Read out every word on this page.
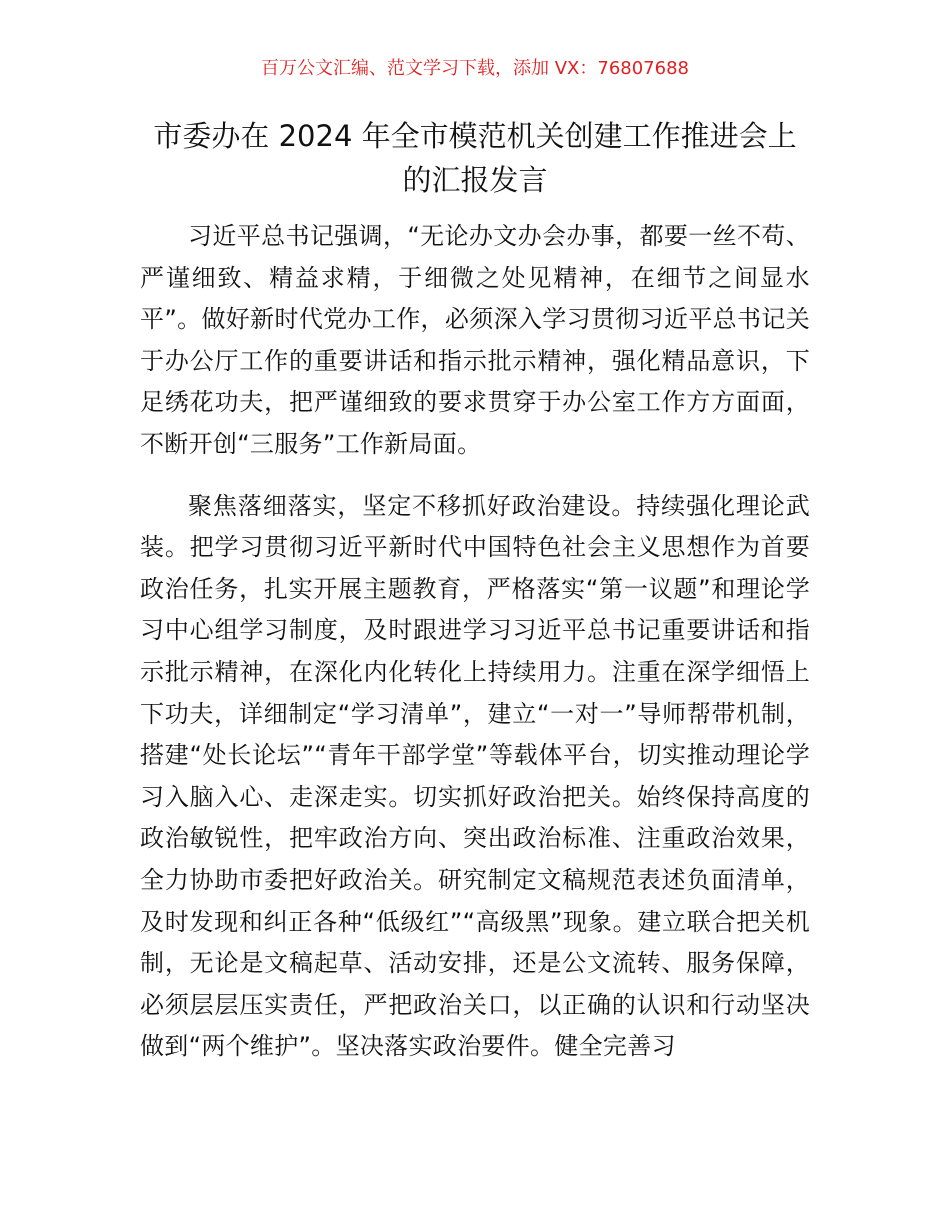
百万公文汇编、范文学习下载，添加 VX：76807688
市委办在 2024 年全市模范机关创建工作推进会上的汇报发言

习近平总书记强调，“无论办文办会办事，都要一丝不苟、严谨细致、精益求精，于细微之处见精神，在细节之间显水平”。做好新时代党办工作，必须深入学习贯彻习近平总书记关于办公厅工作的重要讲话和指示批示精神，强化精品意识，下足绣花功夫，把严谨细致的要求贯穿于办公室工作方方面面，不断开创“三服务”工作新局面。

聚焦落细落实，坚定不移抓好政治建设。持续强化理论武装。把学习贯彻习近平新时代中国特色社会主义思想作为首要政治任务，扎实开展主题教育，严格落实“第一议题”和理论学习中心组学习制度，及时跟进学习习近平总书记重要讲话和指示批示精神，在深化内化转化上持续用力。注重在深学细悟上下功夫，详细制定“学习清单”，建立“一对一”导师帮带机制，搭建“处长论坛”“青年干部学堂”等载体平台，切实推动理论学习入脑入心、走深走实。切实抓好政治把关。始终保持高度的政治敏锐性，把牢政治方向、突出政治标准、注重政治效果，全力协助市委把好政治关。研究制定文稿规范表述负面清单，及时发现和纠正各种“低级红”“高级黑”现象。建立联合把关机制，无论是文稿起草、活动安排，还是公文流转、服务保障，必须层层压实责任，严把政治关口，以正确的认识和行动坚决做到“两个维护”。坚决落实政治要件。健全完善习
